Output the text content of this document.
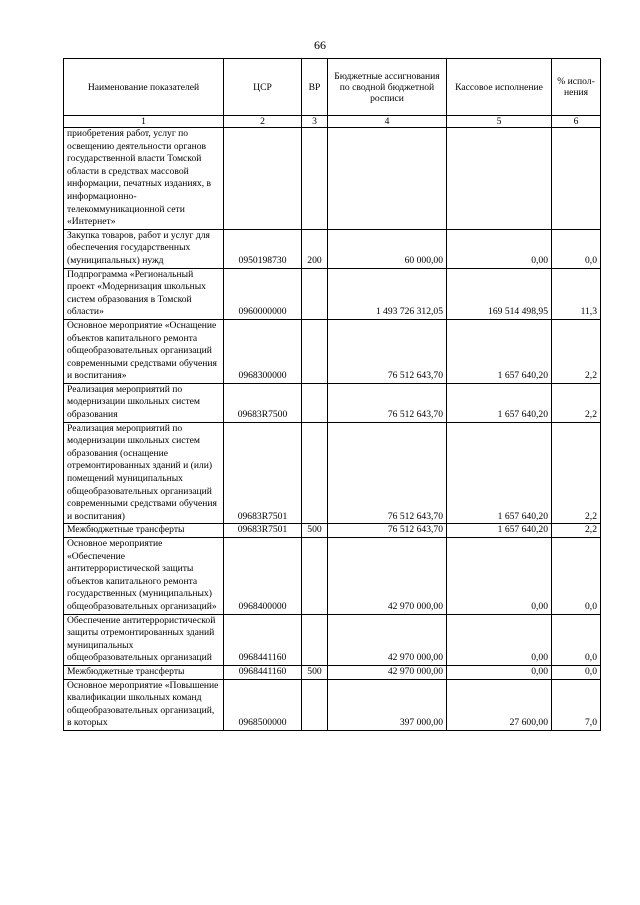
66
Наименование показателей	ЦСР	ВР	Бюджетные ассигнования по сводной бюджетной росписи	Кассовое исполнение	% испол-нения
1	2	3	4	5	6
приобретения работ, услуг по освещению деятельности органов государственной власти Томской области в средствах массовой информации, печатных изданиях, в информационно-телекоммуникационной сети «Интернет»					
Закупка товаров, работ и услуг для обеспечения государственных (муниципальных) нужд	0950198730	200	60 000,00	0,00	0,0
Подпрограмма «Региональный проект «Модернизация школьных систем образования в Томской области»	0960000000		1 493 726 312,05	169 514 498,95	11,3
Основное мероприятие «Оснащение объектов капитального ремонта общеобразовательных организаций современными средствами обучения и воспитания»	0968300000		76 512 643,70	1 657 640,20	2,2
Реализация мероприятий по модернизации школьных систем образования	09683R7500		76 512 643,70	1 657 640,20	2,2
Реализация мероприятий по модернизации школьных систем образования (оснащение отремонтированных зданий и (или) помещений муниципальных общеобразовательных организаций современными средствами обучения и воспитания)	09683R7501		76 512 643,70	1 657 640,20	2,2
Межбюджетные трансферты	09683R7501	500	76 512 643,70	1 657 640,20	2,2
Основное мероприятие «Обеспечение антитеррористической защиты объектов капитального ремонта государственных (муниципальных) общеобразовательных организаций»	0968400000		42 970 000,00	0,00	0,0
Обеспечение антитеррористической защиты отремонтированных зданий муниципальных общеобразовательных организаций	0968441160		42 970 000,00	0,00	0,0
Межбюджетные трансферты	0968441160	500	42 970 000,00	0,00	0,0
Основное мероприятие «Повышение квалификации школьных команд общеобразовательных организаций, в которых	0968500000		397 000,00	27 600,00	7,0
